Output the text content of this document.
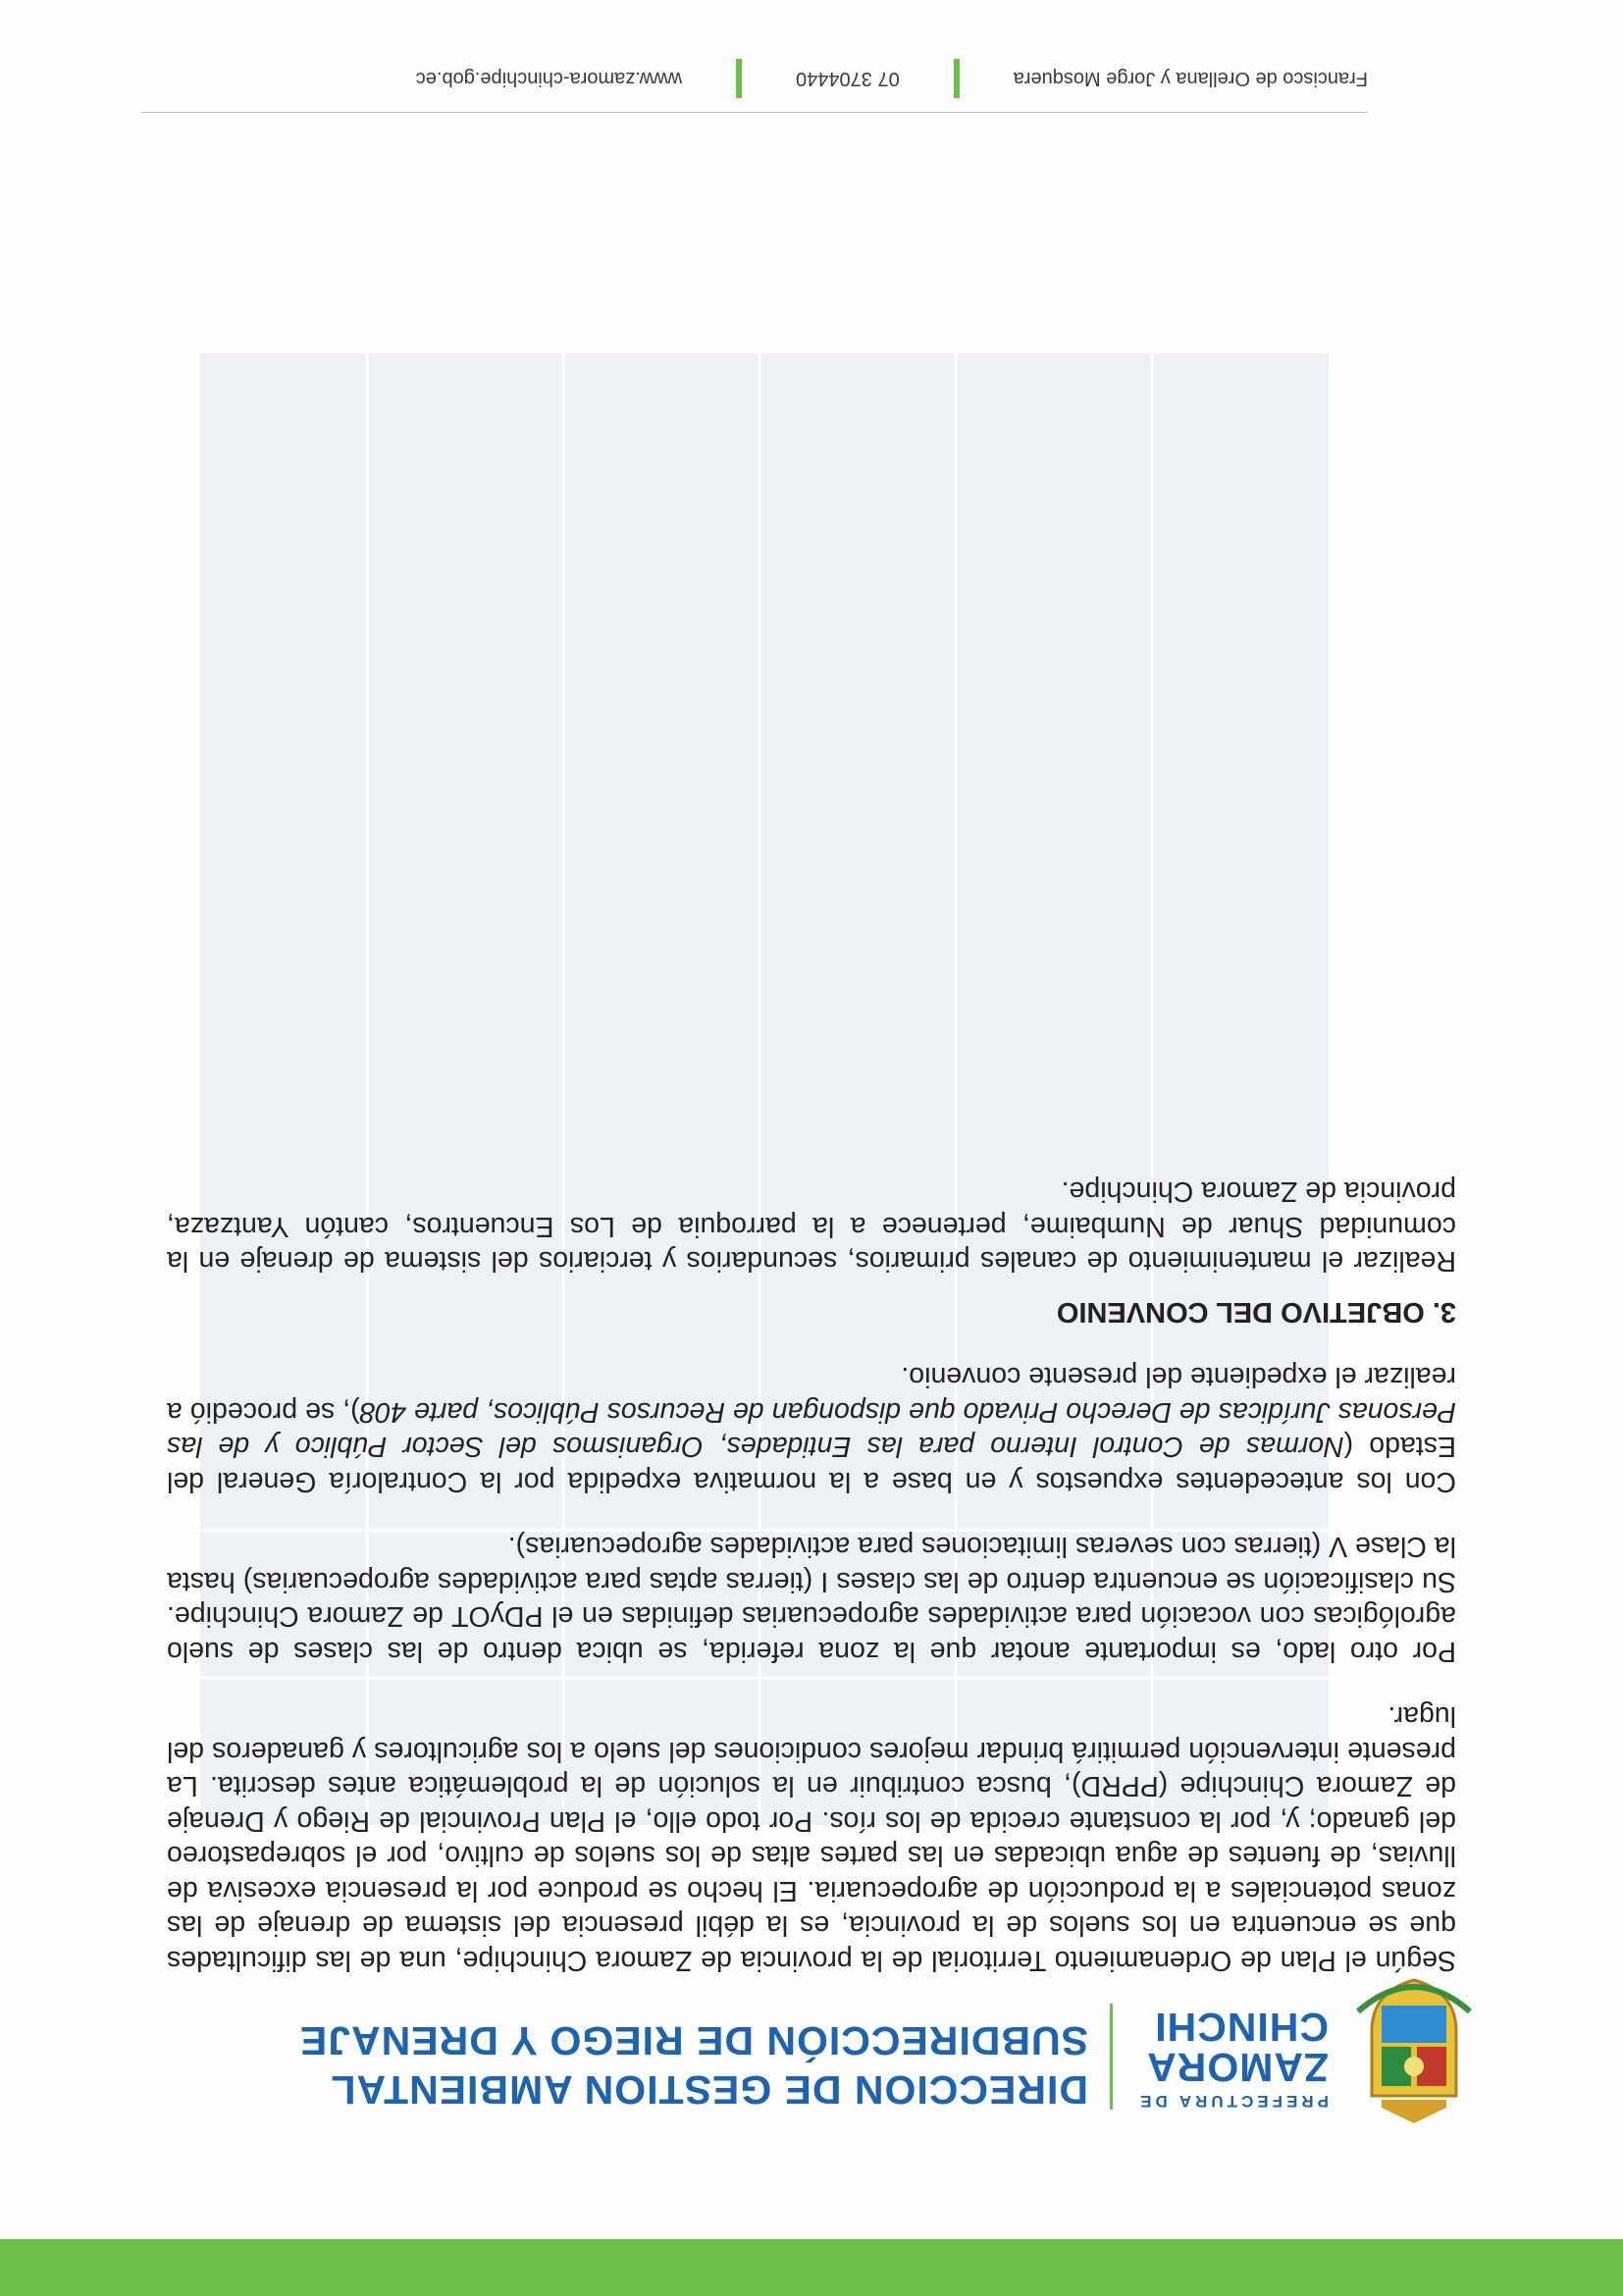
PREFECTURA DE
ZAMORA
CHINCHI
DIRECCION DE GESTION AMBIENTAL
SUBDIRECCIÓN DE RIEGO Y DRENAJE

Según el Plan de Ordenamiento Territorial de la provincia de Zamora Chinchipe, una de las dificultades que se encuentra en los suelos de la provincia, es la débil presencia del sistema de drenaje de las zonas potenciales a la producción de agropecuaria. El hecho se produce por la presencia excesiva de lluvias, de fuentes de agua ubicadas en las partes altas de los suelos de cultivo, por el sobrepastoreo del ganado; y, por la constante crecida de los ríos. Por todo ello, el Plan Provincial de Riego y Drenaje de Zamora Chinchipe (PPRD), busca contribuir en la solución de la problemática antes descrita. La presente intervención permitirá brindar mejores condiciones del suelo a los agricultores y ganaderos del lugar.

Por otro lado, es importante anotar que la zona referida, se ubica dentro de las clases de suelo agrológicas con vocación para actividades agropecuarias definidas en el PDyOT de Zamora Chinchipe. Su clasificación se encuentra dentro de las clases I (tierras aptas para actividades agropecuarias) hasta la Clase V (tierras con severas limitaciones para actividades agropecuarias).

Con los antecedentes expuestos y en base a la normativa expedida por la Contraloría General del Estado (Normas de Control Interno para las Entidades, Organismos del Sector Público y de las Personas Jurídicas de Derecho Privado que dispongan de Recursos Públicos, parte 408), se procedió a realizar el expediente del presente convenio.

3. OBJETIVO DEL CONVENIO

Realizar el mantenimiento de canales primarios, secundarios y terciarios del sistema de drenaje en la comunidad Shuar de Numbaime, pertenece a la parroquia de Los Encuentros, cantón Yantzaza, provincia de Zamora Chinchipe.

Francisco de Orellana y Jorge Mosquera
07 3704440
www.zamora-chinchipe.gob.ec
